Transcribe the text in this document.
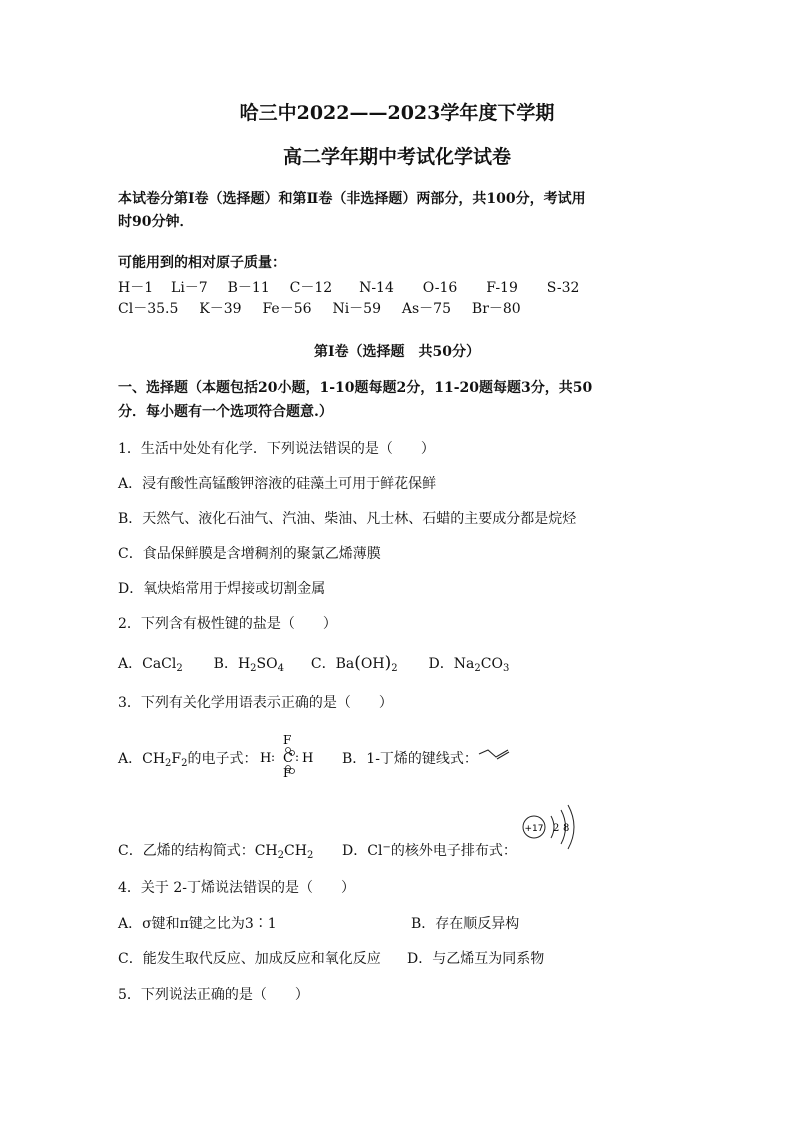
哈三中2022——2023学年度下学期
高二学年期中考试化学试卷
本试卷分第Ⅰ卷（选择题）和第Ⅱ卷（非选择题）两部分，共100分，考试用
时90分钟．
可能用到的相对原子质量：
H－1 Li－7 B－11 C－12 N-14 O-16 F-19 S-32
Cl－35.5 K－39 Fe－56 Ni－59 As－75 Br－80
第Ⅰ卷（选择题　共50分）
一、选择题（本题包括20小题，1-10题每题2分，11-20题每题3分，共50
分．每小题有一个选项符合题意.）
1．生活中处处有化学．下列说法错误的是（　　）
A．浸有酸性高锰酸钾溶液的硅藻土可用于鲜花保鲜
B．天然气、液化石油气、汽油、柴油、凡士林、石蜡的主要成分都是烷烃
C．食品保鲜膜是含增稠剂的聚氯乙烯薄膜
D．氧炔焰常用于焊接或切割金属
2．下列含有极性键的盐是（　　）
A．CaCl$_2$ B．$H_2SO_4$ C．$Ba(OH)_2$ D．$Na_2CO_3$
3．下列有关化学用语表示正确的是（　　）
A．$CH_2F_2$的电子式： H :
F
C
F
: H B．1-丁烯的键线式：
C．乙烯的结构简式：$CH_2CH_2$ D．Cl−的核外电子排布式：
+17 2 8
4．关于 2-丁烯说法错误的是（　　）
A．σ键和π键之比为3∶1	B．存在顺反异构
C．能发生取代反应、加成反应和氧化反应 D．与乙烯互为同系物
5．下列说法正确的是（　　）
